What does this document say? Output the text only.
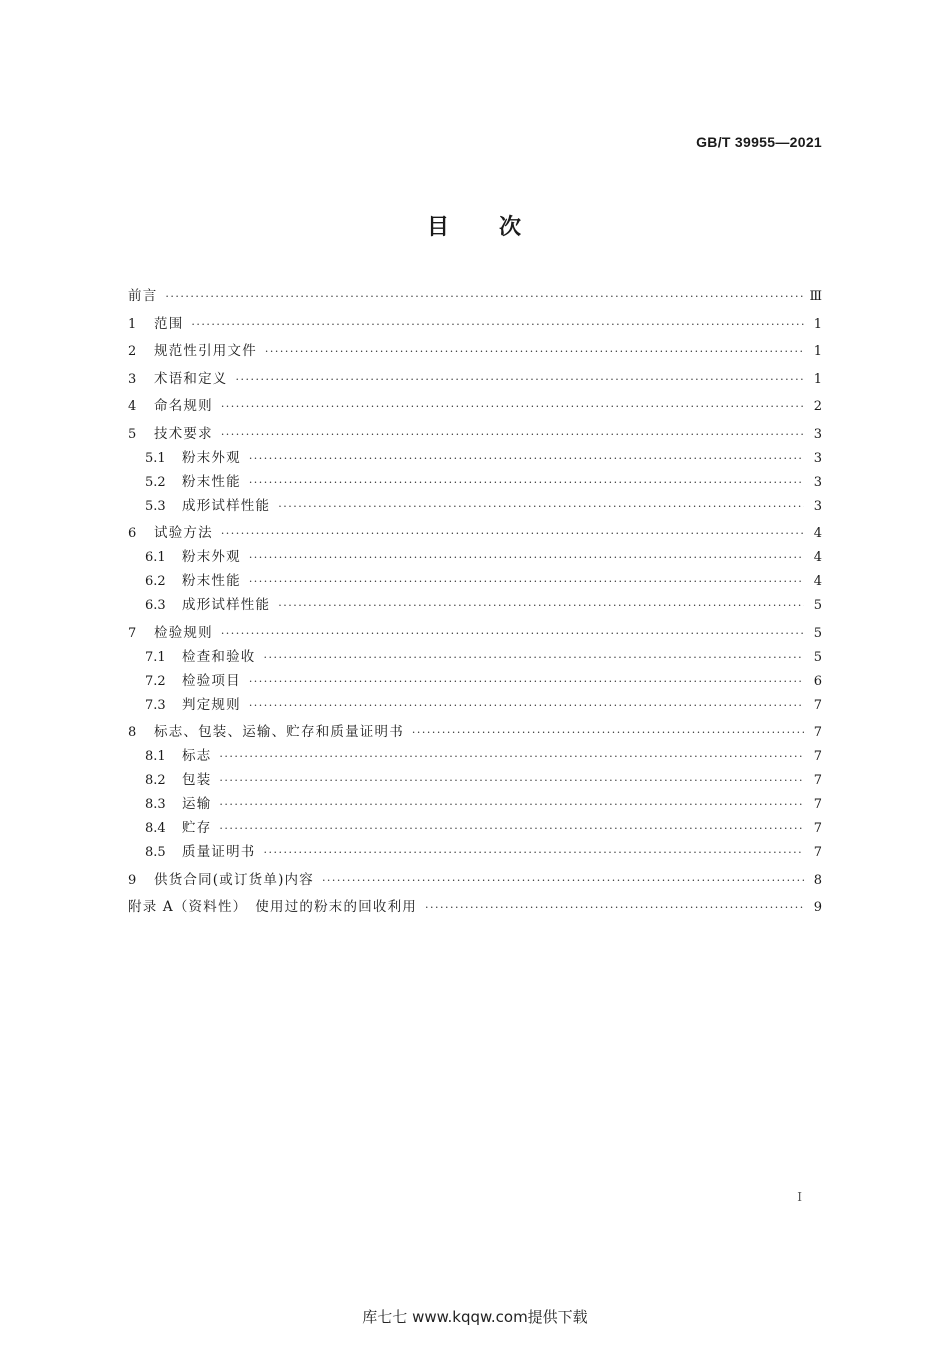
GB/T 39955—2021
目 次
前言 ·····	Ⅲ
1	范围 ·····	1
2	规范性引用文件 ·····	1
3	术语和定义 ·····	1
4	命名规则 ·····	2
5	技术要求 ·····	3
5.1	粉末外观 ·····	3
5.2	粉末性能 ·····	3
5.3	成形试样性能 ·····	3
6	试验方法 ·····	4
6.1	粉末外观 ·····	4
6.2	粉末性能 ·····	4
6.3	成形试样性能 ·····	5
7	检验规则 ·····	5
7.1	检查和验收 ·····	5
7.2	检验项目 ·····	6
7.3	判定规则 ·····	7
8	标志、包装、运输、贮存和质量证明书 ·····	7
8.1	标志 ·····	7
8.2	包装 ·····	7
8.3	运输 ·····	7
8.4	贮存 ·····	7
8.5	质量证明书 ·····	7
9	供货合同(或订货单)内容 ·····	8
附录 A（资料性）　使用过的粉末的回收利用 ·····	9
I
库七七 www.kqqw.com提供下载
